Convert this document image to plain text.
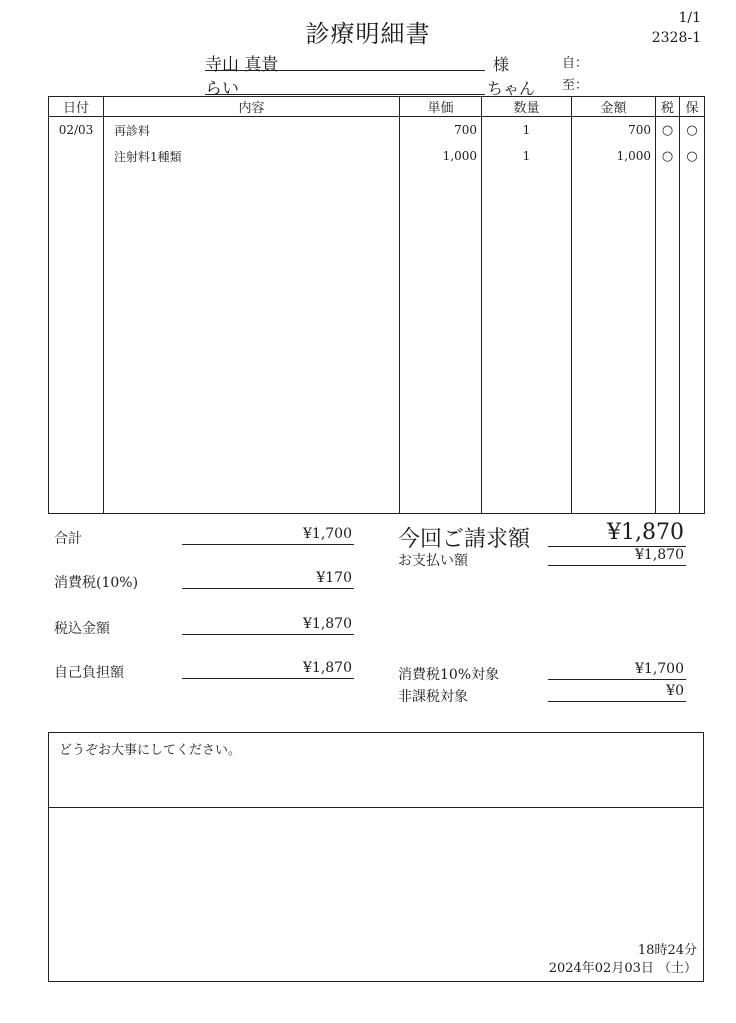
診療明細書
1/1
2328-1
寺山 真貴	様
らい	ちゃん
自：
至：
日付	内容	単価	数量	金額	税	保
02/03	再診料	700	1	700	○	○
	注射料1種類	1,000	1	1,000	○	○

合計	¥1,700
消費税(10%)	¥170
税込金額	¥1,870
自己負担額	¥1,870
今回ご請求額	¥1,870
お支払い額	¥1,870
消費税10%対象	¥1,700
非課税対象	¥0
どうぞお大事にしてください。
18時24分
2024年02月03日 （土）
